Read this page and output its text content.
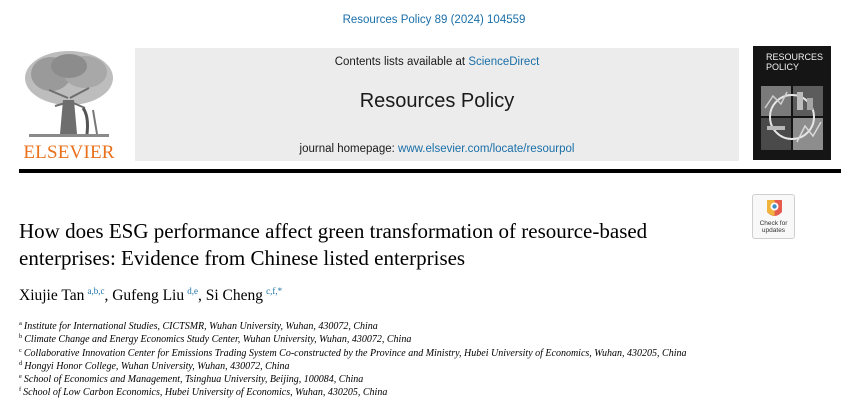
Resources Policy 89 (2024) 104559
ELSEVIER
Contents lists available at ScienceDirect
Resources Policy
journal homepage: www.elsevier.com/locate/resourpol
RESOURCES
POLICY
Check for
updates
How does ESG performance affect green transformation of resource-based
enterprises: Evidence from Chinese listed enterprises
Xiujie Tan  $^{a,b,c}$, Gufeng Liu  $^{d,e}$, Si Cheng  $^{c,f,*}$
$^a$ Institute for International Studies, CICTSMR, Wuhan University, Wuhan, 430072, China
$^b$ Climate Change and Energy Economics Study Center, Wuhan University, Wuhan, 430072, China
$^c$ Collaborative Innovation Center for Emissions Trading System Co-constructed by the Province and Ministry, Hubei University of Economics, Wuhan, 430205, China
$^d$ Hongyi Honor College, Wuhan University, Wuhan, 430072, China
$^e$ School of Economics and Management, Tsinghua University, Beijing, 100084, China
$^f$ School of Low Carbon Economics, Hubei University of Economics, Wuhan, 430205, China
